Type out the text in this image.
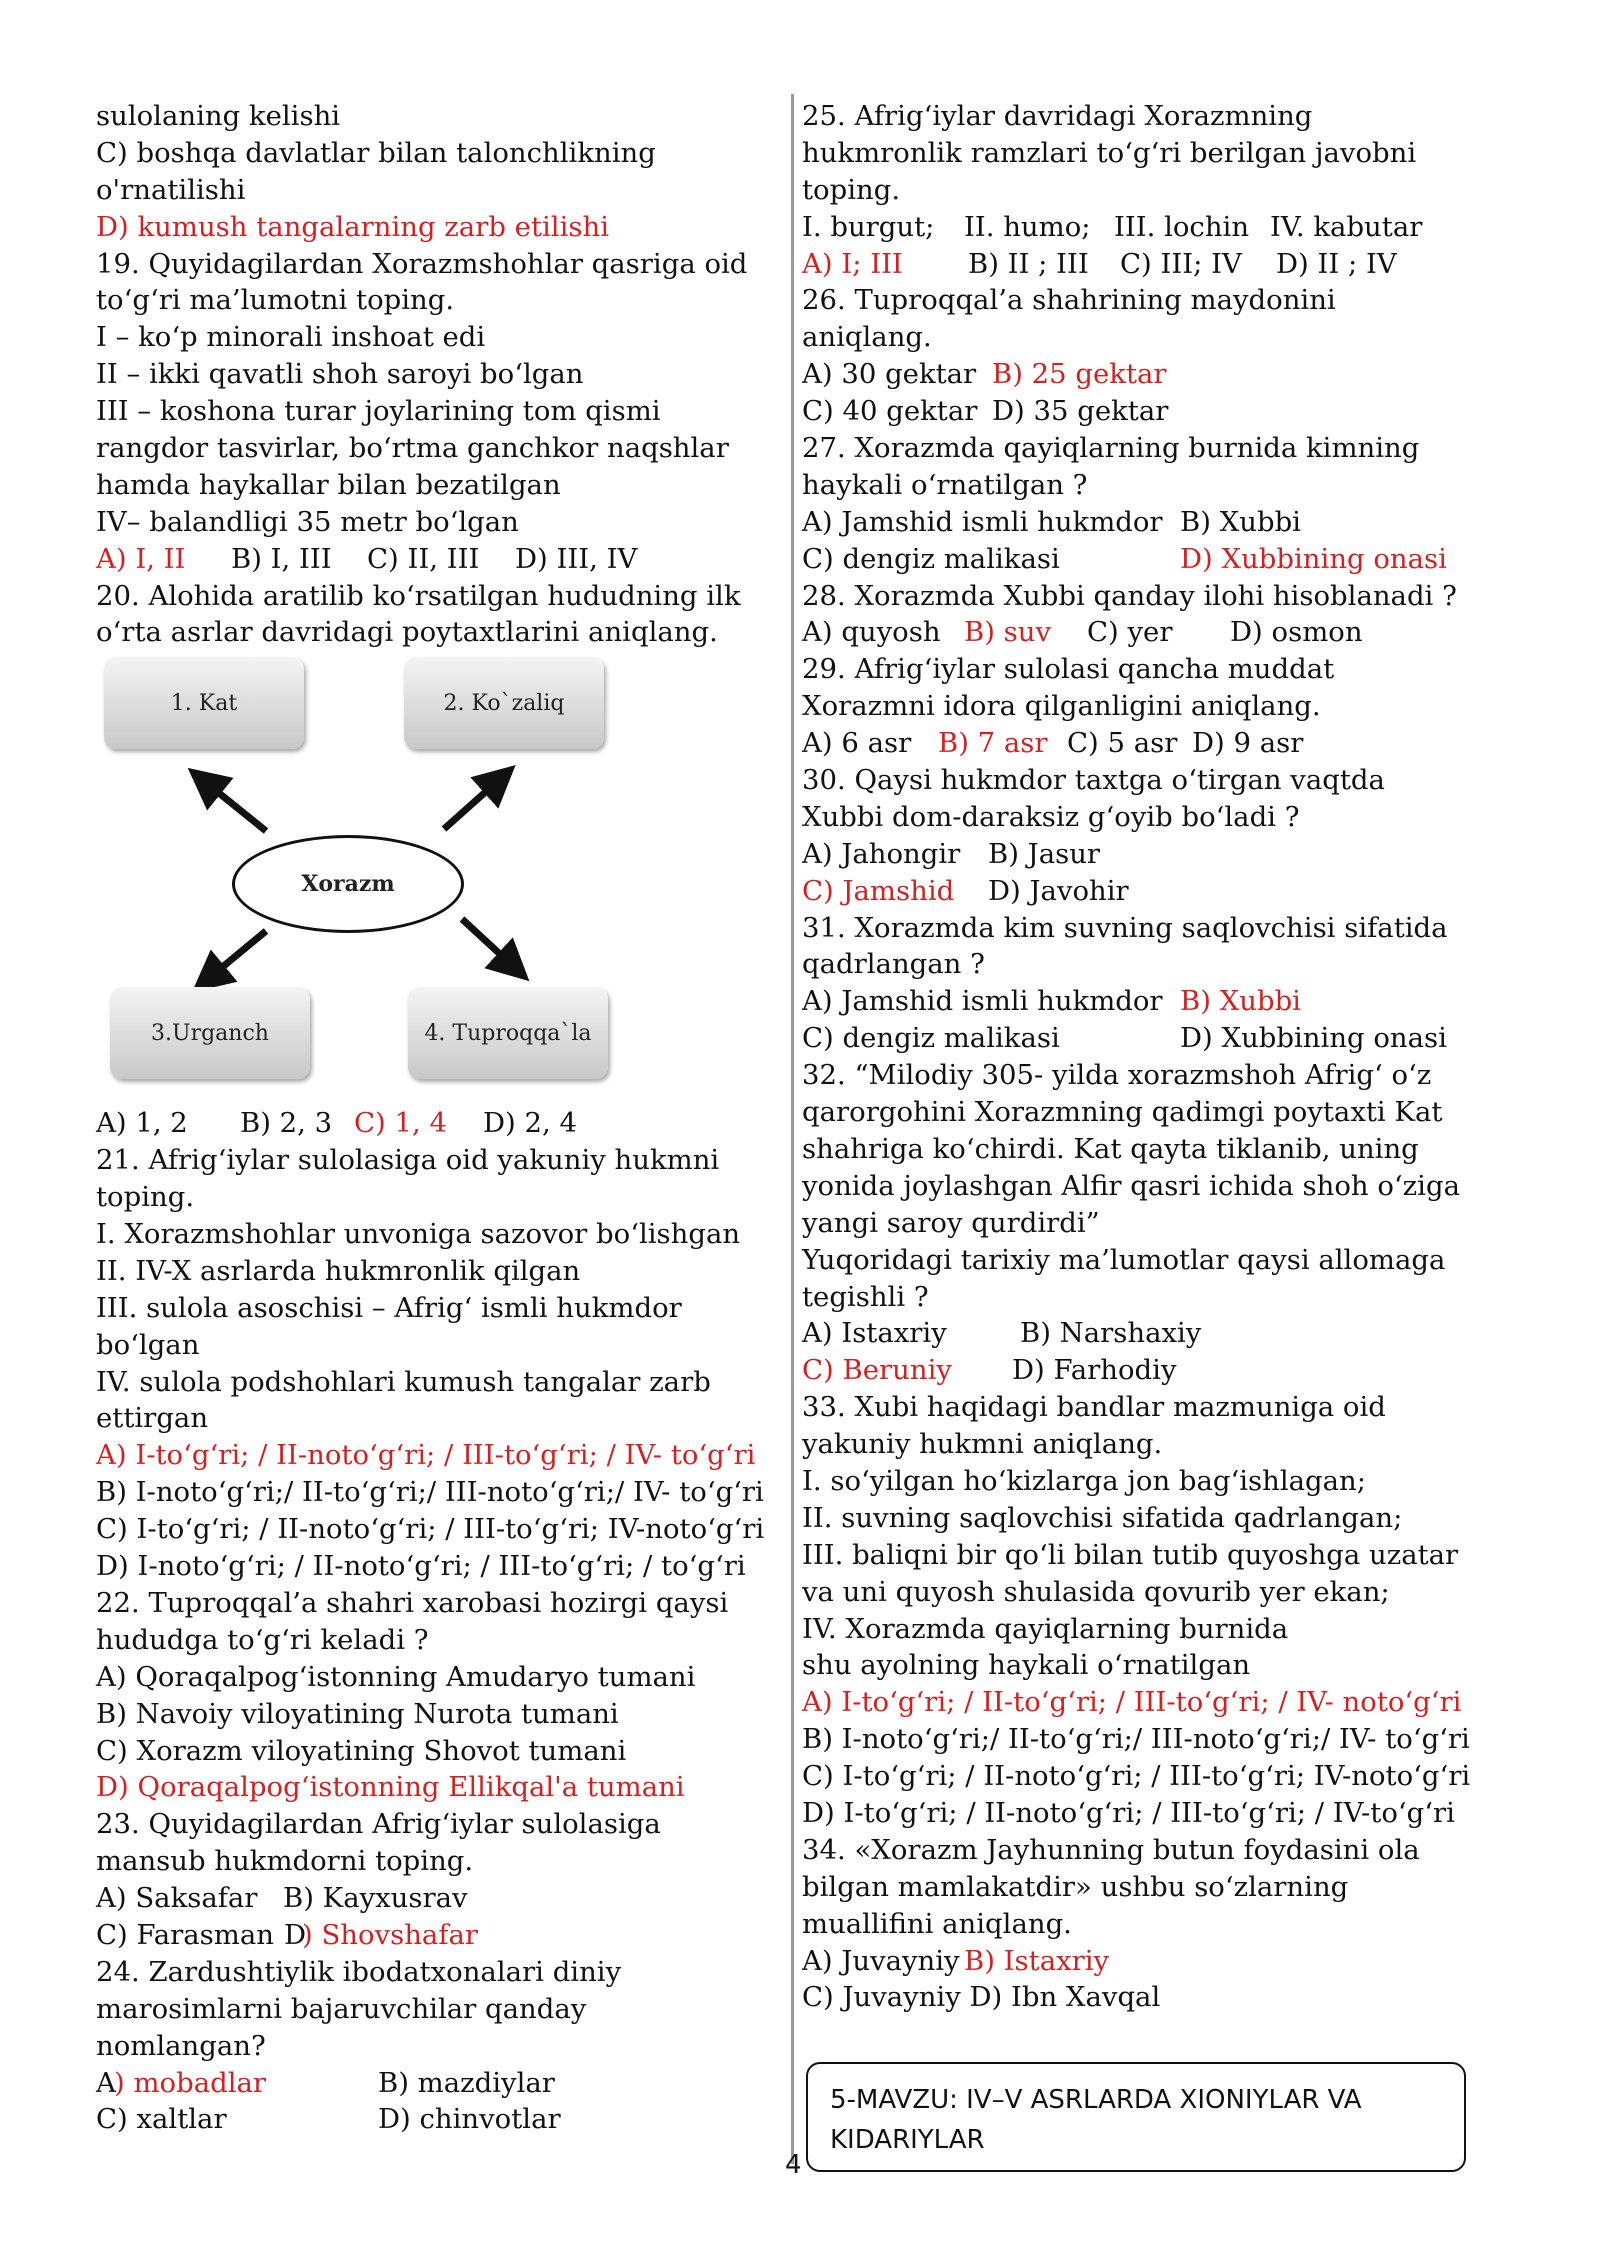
sulolaning kelishi
C) boshqa davlatlar bilan talonchlikning
o'rnatilishi
D) kumush tangalarning zarb etilishi
19. Quyidagilardan Xorazmshohlar qasriga oid
to‘g‘ri ma’lumotni toping.
I – ko‘p minorali inshoat edi
II – ikki qavatli shoh saroyi bo‘lgan
III – koshona turar joylarining tom qismi
rangdor tasvirlar, bo‘rtma ganchkor naqshlar
hamda haykallar bilan bezatilgan
IV– balandligi 35 metr bo‘lgan
A) I, II B) I, III C) II, III D) III, IV
20. Alohida aratilib ko‘rsatilgan hududning ilk
o‘rta asrlar davridagi poytaxtlarini aniqlang.
1. Kat	2. Ko`zaliq
Xorazm
3.Urganch	4. Tuproqqa`la
A) 1, 2 B) 2, 3 C) 1, 4 D) 2, 4
21. Afrig‘iylar sulolasiga oid yakuniy hukmni
toping.
I. Xorazmshohlar unvoniga sazovor bo‘lishgan
II. IV-X asrlarda hukmronlik qilgan
III. sulola asoschisi – Afrig‘ ismli hukmdor
bo‘lgan
IV. sulola podshohlari kumush tangalar zarb
ettirgan
A) I-to‘g‘ri; / II-noto‘g‘ri; / III-to‘g‘ri; / IV- to‘g‘ri
B) I-noto‘g‘ri;/ II-to‘g‘ri;/ III-noto‘g‘ri;/ IV- to‘g‘ri
C) I-to‘g‘ri; / II-noto‘g‘ri; / III-to‘g‘ri; IV-noto‘g‘ri
D) I-noto‘g‘ri; / II-noto‘g‘ri; / III-to‘g‘ri; / to‘g‘ri
22. Tuproqqal’a shahri xarobasi hozirgi qaysi
hududga to‘g‘ri keladi ?
A) Qoraqalpog‘istonning Amudaryo tumani
B) Navoiy viloyatining Nurota tumani
C) Xorazm viloyatining Shovot tumani
D) Qoraqalpog‘istonning Ellikqal'a tumani
23. Quyidagilardan Afrig‘iylar sulolasiga
mansub hukmdorni toping.
A) Saksafar B) Kayxusrav
C) Farasman D
) Shovshafar
24. Zardushtiylik ibodatxonalari diniy
marosimlarni bajaruvchilar qanday
nomlangan?
A
) mobadlar	B) mazdiylar
C) xaltlar	D) chinvotlar
25. Afrig‘iylar davridagi Xorazmning
hukmronlik ramzlari to‘g‘ri berilgan javobni
toping.
I. burgut; II. humo; III. lochin IV. kabutar
A) I; III B) II ; III C) III; IV D) II ; IV
26. Tuproqqal’a shahrining maydonini
aniqlang.
A) 30 gektar B) 25 gektar
C) 40 gektar D) 35 gektar
27. Xorazmda qayiqlarning burnida kimning
haykali o‘rnatilgan ?
A) Jamshid ismli hukmdor B) Xubbi
C) dengiz malikasi	D) Xubbining onasi
28. Xorazmda Xubbi qanday ilohi hisoblanadi ?
A) quyosh B) suv C) yer D) osmon
29. Afrig‘iylar sulolasi qancha muddat
Xorazmni idora qilganligini aniqlang.
A) 6 asr B) 7 asr C) 5 asr D) 9 asr
30. Qaysi hukmdor taxtga o‘tirgan vaqtda
Xubbi dom-daraksiz g‘oyib bo‘ladi ?
A) Jahongir B) Jasur
C) Jamshid D) Javohir
31. Xorazmda kim suvning saqlovchisi sifatida
qadrlangan ?
A) Jamshid ismli hukmdor B) Xubbi
C) dengiz malikasi	D) Xubbining onasi
32. “Milodiy 305- yilda xorazmshoh Afrig‘ o‘z
qarorgohini Xorazmning qadimgi poytaxti Kat
shahriga ko‘chirdi. Kat qayta tiklanib, uning
yonida joylashgan Alfir qasri ichida shoh o‘ziga
yangi saroy qurdirdi”
Yuqoridagi tarixiy ma’lumotlar qaysi allomaga
tegishli ?
A) Istaxriy	B) Narshaxiy
C) Beruniy D) Farhodiy
33. Xubi haqidagi bandlar mazmuniga oid
yakuniy hukmni aniqlang.
I. so‘yilgan ho‘kizlarga jon bag‘ishlagan;
II. suvning saqlovchisi sifatida qadrlangan;
III. baliqni bir qo‘li bilan tutib quyoshga uzatar
va uni quyosh shulasida qovurib yer ekan;
IV. Xorazmda qayiqlarning burnida
shu ayolning haykali o‘rnatilgan
A) I-to‘g‘ri; / II-to‘g‘ri; / III-to‘g‘ri; / IV- noto‘g‘ri
B) I-noto‘g‘ri;/ II-to‘g‘ri;/ III-noto‘g‘ri;/ IV- to‘g‘ri
C) I-to‘g‘ri; / II-noto‘g‘ri; / III-to‘g‘ri; IV-noto‘g‘ri
D) I-to‘g‘ri; / II-noto‘g‘ri; / III-to‘g‘ri; / IV-to‘g‘ri
34. «Xorazm Jayhunning butun foydasini ola
bilgan mamlakatdir» ushbu so‘zlarning
muallifini aniqlang.
A) Juvayniy B) Istaxriy
C) Juvayniy D) Ibn Xavqal
5-MAVZU: IV–V ASRLARDA XIONIYLAR VA
KIDARIYLAR
4
